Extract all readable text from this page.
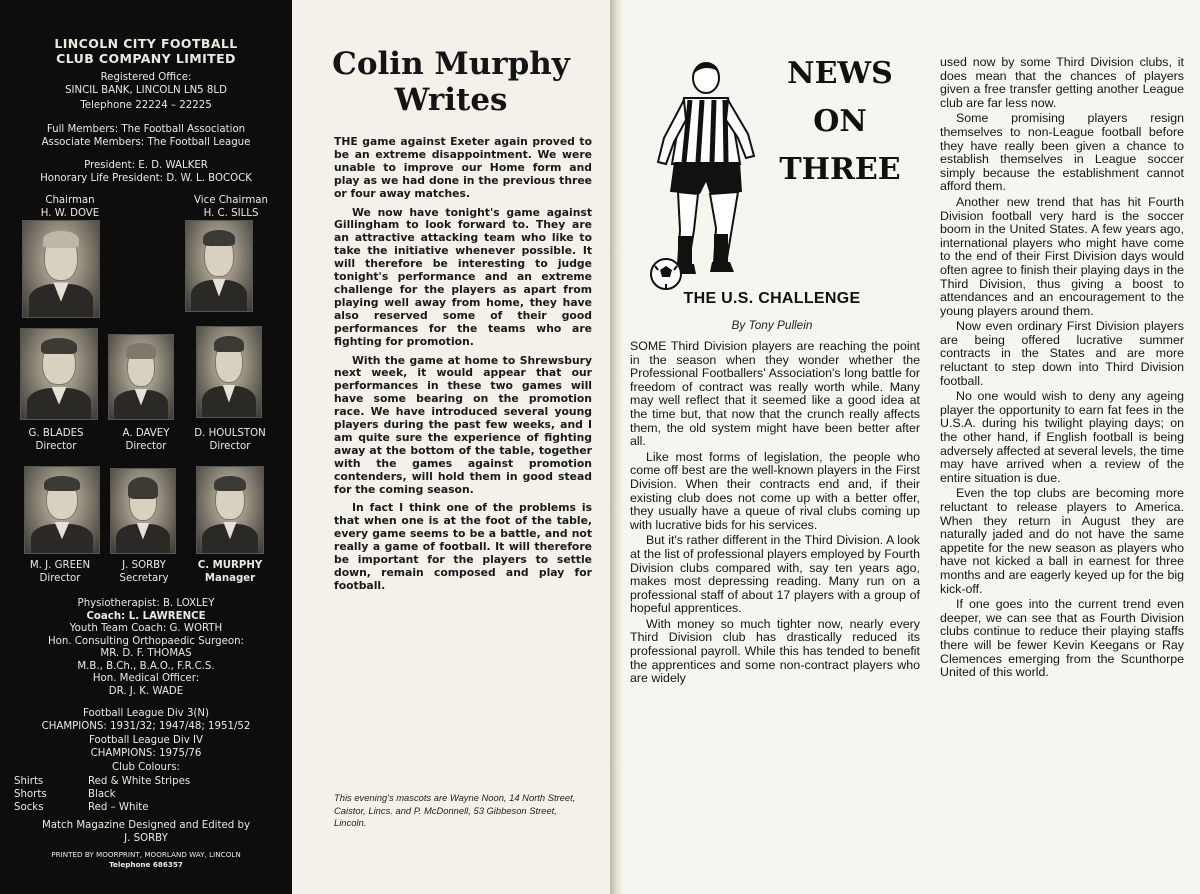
LINCOLN CITY FOOTBALL
CLUB COMPANY LIMITED
Registered Office:
SINCIL BANK, LINCOLN LN5 8LD
Telephone 22224 – 22225
Full Members: The Football Association
Associate Members: The Football League
President: E. D. WALKER
Honorary Life President: D. W. L. BOCOCK
Chairman
H. W. DOVE
Vice Chairman
H. C. SILLS
G. BLADES
Director
A. DAVEY
Director
D. HOULSTON
Director
M. J. GREEN
Director
J. SORBY
Secretary
C. MURPHY
Manager
Physiotherapist: B. LOXLEY
Coach: L. LAWRENCE
Youth Team Coach: G. WORTH
Hon. Consulting Orthopaedic Surgeon:
MR. D. F. THOMAS
M.B., B.Ch., B.A.O., F.R.C.S.
Hon. Medical Officer:
DR. J. K. WADE
Football League Div 3(N)
CHAMPIONS: 1931/32; 1947/48; 1951/52
Football League Div IV
CHAMPIONS: 1975/76
Club Colours:
Shirts	Red & White Stripes
Shorts	Black
Socks	Red – White
Match Magazine Designed and Edited by
J. SORBY
PRINTED BY MOORPRINT, MOORLAND WAY, LINCOLN
Telephone 686357
Colin Murphy
Writes

THE game against Exeter again proved to be an extreme disappointment. We were unable to improve our Home form and play as we had done in the previous three or four away matches.

We now have tonight's game against Gillingham to look forward to. They are an attractive attacking team who like to take the initiative whenever possible. It will therefore be interesting to judge tonight's performance and an extreme challenge for the players as apart from playing well away from home, they have also reserved some of their good performances for the teams who are fighting for promotion.

With the game at home to Shrewsbury next week, it would appear that our performances in these two games will have some bearing on the promotion race. We have introduced several young players during the past few weeks, and I am quite sure the experience of fighting away at the bottom of the table, together with the games against promotion contenders, will hold them in good stead for the coming season.

In fact I think one of the problems is that when one is at the foot of the table, every game seems to be a battle, and not really a game of football. It will therefore be important for the players to settle down, remain composed and play for football.

This evening's mascots are Wayne Noon, 14 North Street, Caistor, Lincs. and P. McDonnell, 53 Gibbeson Street, Lincoln.
NEWS
ON
THREE
THE U.S. CHALLENGE
By Tony Pullein

SOME Third Division players are reaching the point in the season when they wonder whether the Professional Footballers' Association's long battle for freedom of contract was really worth while. Many may well reflect that it seemed like a good idea at the time but, that now that the crunch really affects them, the old system might have been better after all.

Like most forms of legislation, the people who come off best are the well-known players in the First Division. When their contracts end and, if their existing club does not come up with a better offer, they usually have a queue of rival clubs coming up with lucrative bids for his services.

But it's rather different in the Third Division. A look at the list of professional players employed by Fourth Division clubs compared with, say ten years ago, makes most depressing reading. Many run on a professional staff of about 17 players with a group of hopeful apprentices.

With money so much tighter now, nearly every Third Division club has drastically reduced its professional payroll. While this has tended to benefit the apprentices and some non-contract players who are widely

used now by some Third Division clubs, it does mean that the chances of players given a free transfer getting another League club are far less now.

Some promising players resign themselves to non-League football before they have really been given a chance to establish themselves in League soccer simply because the establishment cannot afford them.

Another new trend that has hit Fourth Division football very hard is the soccer boom in the United States. A few years ago, international players who might have come to the end of their First Division days would often agree to finish their playing days in the Third Division, thus giving a boost to attendances and an encouragement to the young players around them.

Now even ordinary First Division players are being offered lucrative summer contracts in the States and are more reluctant to step down into Third Division football.

No one would wish to deny any ageing player the opportunity to earn fat fees in the U.S.A. during his twilight playing days; on the other hand, if English football is being adversely affected at several levels, the time may have arrived when a review of the entire situation is due.

Even the top clubs are becoming more reluctant to release players to America. When they return in August they are naturally jaded and do not have the same appetite for the new season as players who have not kicked a ball in earnest for three months and are eagerly keyed up for the big kick-off.

If one goes into the current trend even deeper, we can see that as Fourth Division clubs continue to reduce their playing staffs there will be fewer Kevin Keegans or Ray Clemences emerging from the Scunthorpe United of this world.
